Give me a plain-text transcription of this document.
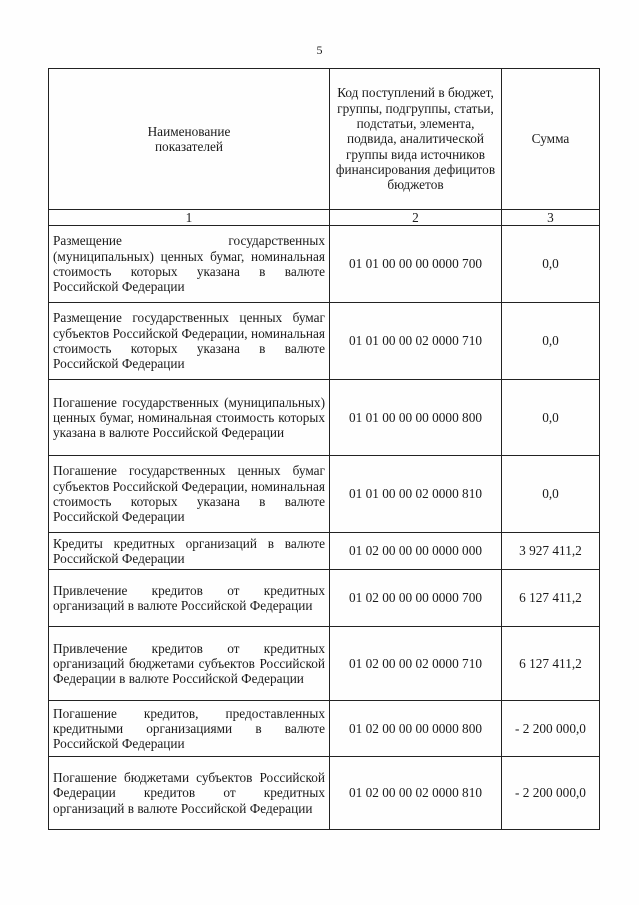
5
Наименование показателей	Код поступлений в бюджет, группы, подгруппы, статьи, подстатьи, элемента, подвида, аналитической группы вида источников финансирования дефицитов бюджетов	Сумма
1	2	3
Размещение государственных (муниципальных) ценных бумаг, номинальная стоимость которых указана в валюте Российской Федерации	01 01 00 00 00 0000 700	0,0
Размещение государственных ценных бумаг субъектов Российской Федерации, номинальная стоимость которых указана в валюте Российской Федерации	01 01 00 00 02 0000 710	0,0
Погашение государственных (муниципальных) ценных бумаг, номинальная стоимость которых указана в валюте Российской Федерации	01 01 00 00 00 0000 800	0,0
Погашение государственных ценных бумаг субъектов Российской Федерации, номинальная стоимость которых указана в валюте Российской Федерации	01 01 00 00 02 0000 810	0,0
Кредиты кредитных организаций в валюте Российской Федерации	01 02 00 00 00 0000 000	3 927 411,2
Привлечение кредитов от кредитных организаций в валюте Российской Федерации	01 02 00 00 00 0000 700	6 127 411,2
Привлечение кредитов от кредитных организаций бюджетами субъектов Российской Федерации в валюте Российской Федерации	01 02 00 00 02 0000 710	6 127 411,2
Погашение кредитов, предоставленных кредитными организациями в валюте Российской Федерации	01 02 00 00 00 0000 800	- 2 200 000,0
Погашение бюджетами субъектов Российской Федерации кредитов от кредитных организаций в валюте Российской Федерации	01 02 00 00 02 0000 810	- 2 200 000,0
